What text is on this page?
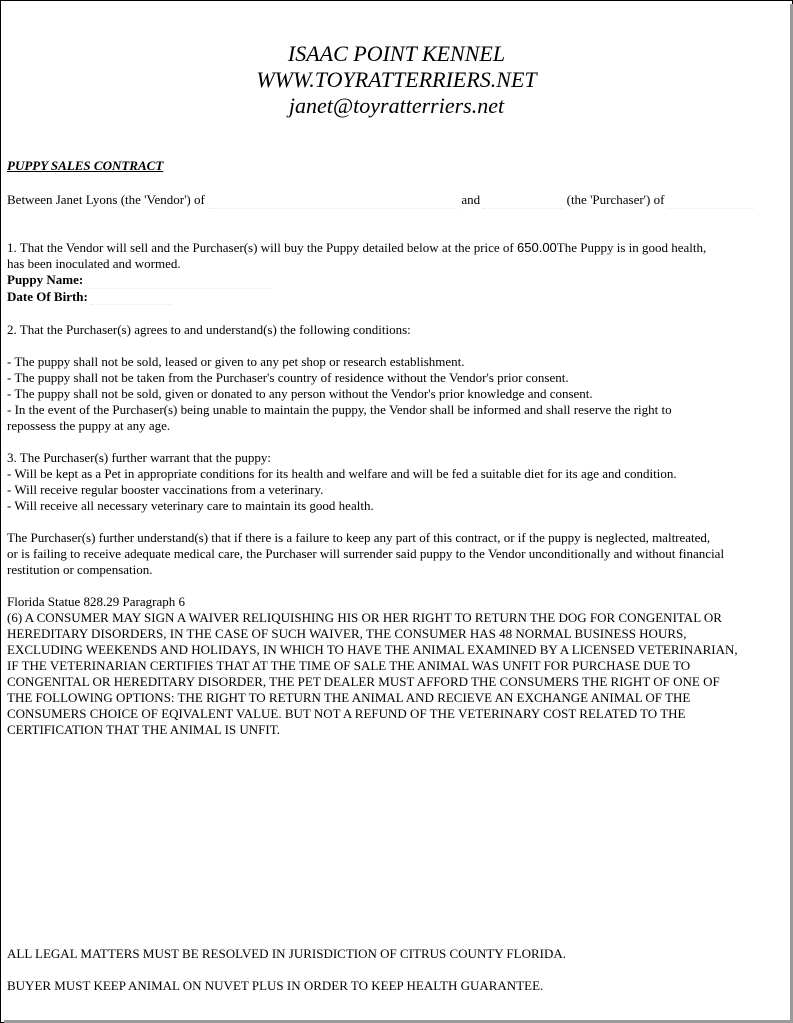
ISAAC POINT KENNEL
WWW.TOYRATTERRIERS.NET
janet@toyratterriers.net
PUPPY SALES CONTRACT
Between Janet Lyons (the 'Vendor') of	and	(the 'Purchaser') of
1. That the Vendor will sell and the Purchaser(s) will buy the Puppy detailed below at the price of 650.00The Puppy is in good health,
has been inoculated and wormed.
Puppy Name:
Date Of Birth:
2. That the Purchaser(s) agrees to and understand(s) the following conditions:
- The puppy shall not be sold, leased or given to any pet shop or research establishment.
- The puppy shall not be taken from the Purchaser's country of residence without the Vendor's prior consent.
- The puppy shall not be sold, given or donated to any person without the Vendor's prior knowledge and consent.
- In the event of the Purchaser(s) being unable to maintain the puppy, the Vendor shall be informed and shall reserve the right to
repossess the puppy at any age.
3. The Purchaser(s) further warrant that the puppy:
- Will be kept as a Pet in appropriate conditions for its health and welfare and will be fed a suitable diet for its age and condition.
- Will receive regular booster vaccinations from a veterinary.
- Will receive all necessary veterinary care to maintain its good health.
The Purchaser(s) further understand(s) that if there is a failure to keep any part of this contract, or if the puppy is neglected, maltreated,
or is failing to receive adequate medical care, the Purchaser will surrender said puppy to the Vendor unconditionally and without financial
restitution or compensation.
Florida Statue 828.29 Paragraph 6
(6) A CONSUMER MAY SIGN A WAIVER RELIQUISHING HIS OR HER RIGHT TO RETURN THE DOG FOR CONGENITAL OR
HEREDITARY DISORDERS, IN THE CASE OF SUCH WAIVER, THE CONSUMER HAS 48 NORMAL BUSINESS HOURS,
EXCLUDING WEEKENDS AND HOLIDAYS, IN WHICH TO HAVE THE ANIMAL EXAMINED BY A LICENSED VETERINARIAN,
IF THE VETERINARIAN CERTIFIES THAT AT THE TIME OF SALE THE ANIMAL WAS UNFIT FOR PURCHASE DUE TO
CONGENITAL OR HEREDITARY DISORDER, THE PET DEALER MUST AFFORD THE CONSUMERS THE RIGHT OF ONE OF
THE FOLLOWING OPTIONS: THE RIGHT TO RETURN THE ANIMAL AND RECIEVE AN EXCHANGE ANIMAL OF THE
CONSUMERS CHOICE OF EQIVALENT VALUE. BUT NOT A REFUND OF THE VETERINARY COST RELATED TO THE
CERTIFICATION THAT THE ANIMAL IS UNFIT.
ALL LEGAL MATTERS MUST BE RESOLVED IN JURISDICTION OF CITRUS COUNTY FLORIDA.
BUYER MUST KEEP ANIMAL ON NUVET PLUS IN ORDER TO KEEP HEALTH GUARANTEE.
